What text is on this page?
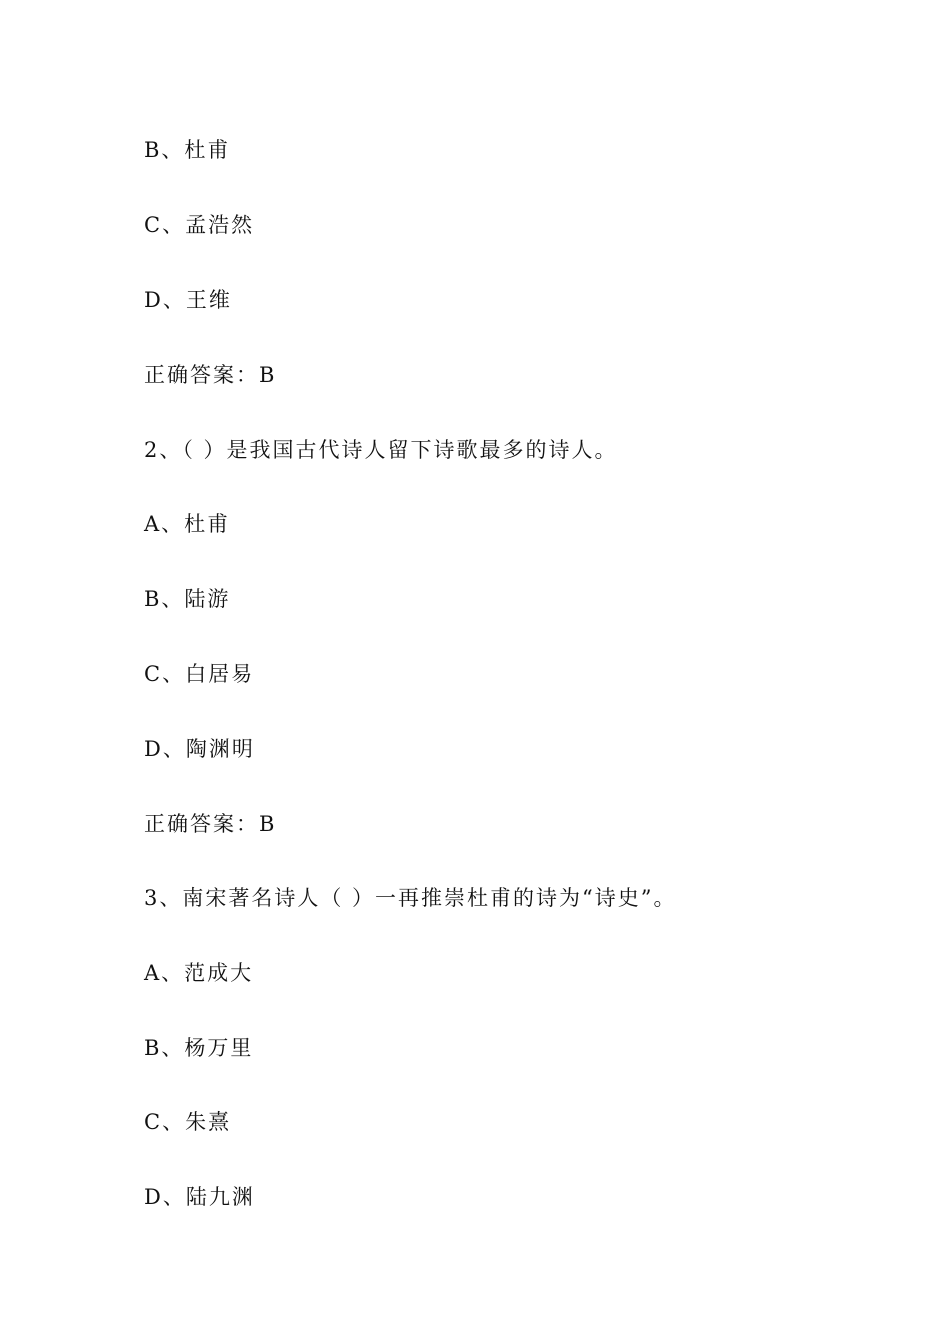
B、杜甫
C、孟浩然
D、王维
正确答案：B
2、（ ）是我国古代诗人留下诗歌最多的诗人。
A、杜甫
B、陆游
C、白居易
D、陶渊明
正确答案：B
3、南宋著名诗人（ ）一再推崇杜甫的诗为“诗史”。
A、范成大
B、杨万里
C、朱熹
D、陆九渊
